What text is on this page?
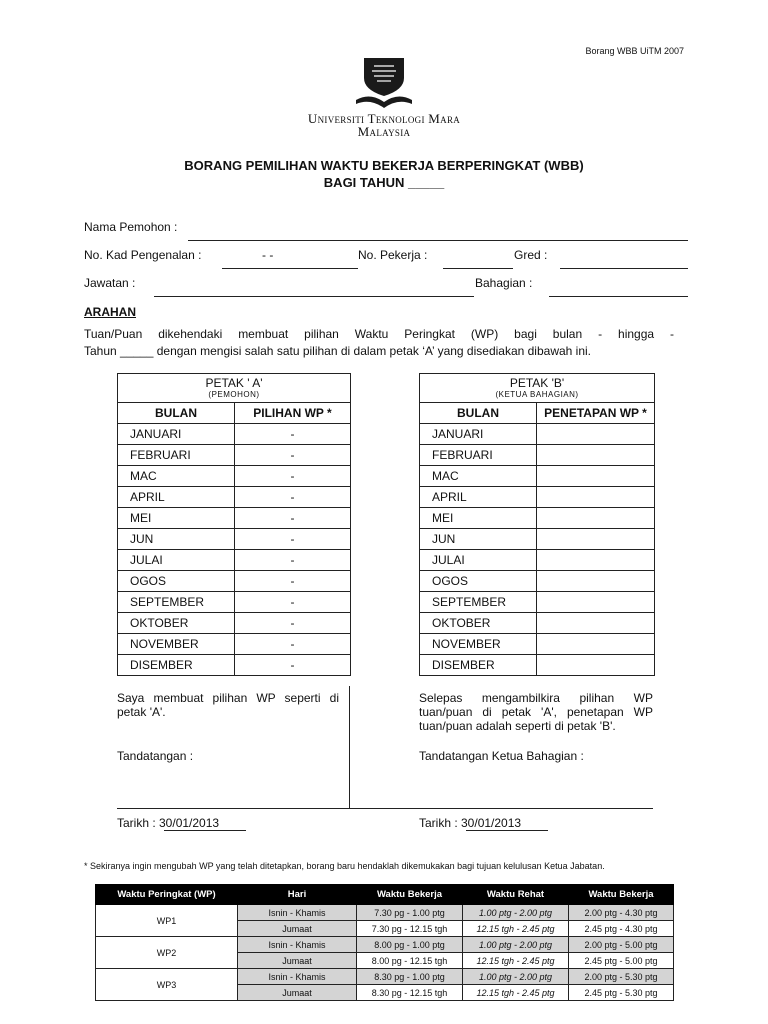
Borang WBB UiTM 2007
Universiti Teknologi Mara
Malaysia
BORANG PEMILIHAN WAKTU BEKERJA BERPERINGKAT (WBB)
BAGI TAHUN _____
Nama Pemohon :
No. Kad Pengenalan :	- -	No. Pekerja :	Gred :
Jawatan :	Bahagian :
ARAHAN
Tuan/Puan dikehendaki membuat pilihan Waktu Peringkat (WP) bagi bulan - hingga -
Tahun _____ dengan mengisi salah satu pilihan di dalam petak ‘A’ yang disediakan dibawah ini.
PETAK ' A'
(PEMOHON)
BULAN	PILIHAN WP *
JANUARI	-
FEBRUARI	-
MAC	-
APRIL	-
MEI	-
JUN	-
JULAI	-
OGOS	-
SEPTEMBER	-
OKTOBER	-
NOVEMBER	-
DISEMBER	-
PETAK 'B'
(KETUA BAHAGIAN)
BULAN	PENETAPAN WP *
JANUARI	
FEBRUARI	
MAC	
APRIL	
MEI	
JUN	
JULAI	
OGOS	
SEPTEMBER	
OKTOBER	
NOVEMBER	
DISEMBER	
Saya membuat pilihan WP seperti di petak 'A'.
Tandatangan :
Selepas mengambilkira pilihan WP tuan/puan di petak 'A', penetapan WP tuan/puan adalah seperti di petak 'B'.
Tandatangan Ketua Bahagian :
Tarikh : 30/01/2013	Tarikh : 30/01/2013
* Sekiranya ingin mengubah WP yang telah ditetapkan, borang baru hendaklah dikemukakan bagi tujuan kelulusan Ketua Jabatan.
Waktu Peringkat (WP)	Hari	Waktu Bekerja	Waktu Rehat	Waktu Bekerja
WP1	Isnin - Khamis	7.30 pg - 1.00 ptg	1.00 ptg - 2.00 ptg	2.00 ptg - 4.30 ptg
	Jumaat	7.30 pg - 12.15 tgh	12.15 tgh - 2.45 ptg	2.45 ptg - 4.30 ptg
WP2	Isnin - Khamis	8.00 pg - 1.00 ptg	1.00 ptg - 2.00 ptg	2.00 ptg - 5.00 ptg
	Jumaat	8.00 pg - 12.15 tgh	12.15 tgh - 2.45 ptg	2.45 ptg - 5.00 ptg
WP3	Isnin - Khamis	8.30 pg - 1.00 ptg	1.00 ptg - 2.00 ptg	2.00 ptg - 5.30 ptg
	Jumaat	8.30 pg - 12.15 tgh	12.15 tgh - 2.45 ptg	2.45 ptg - 5.30 ptg
